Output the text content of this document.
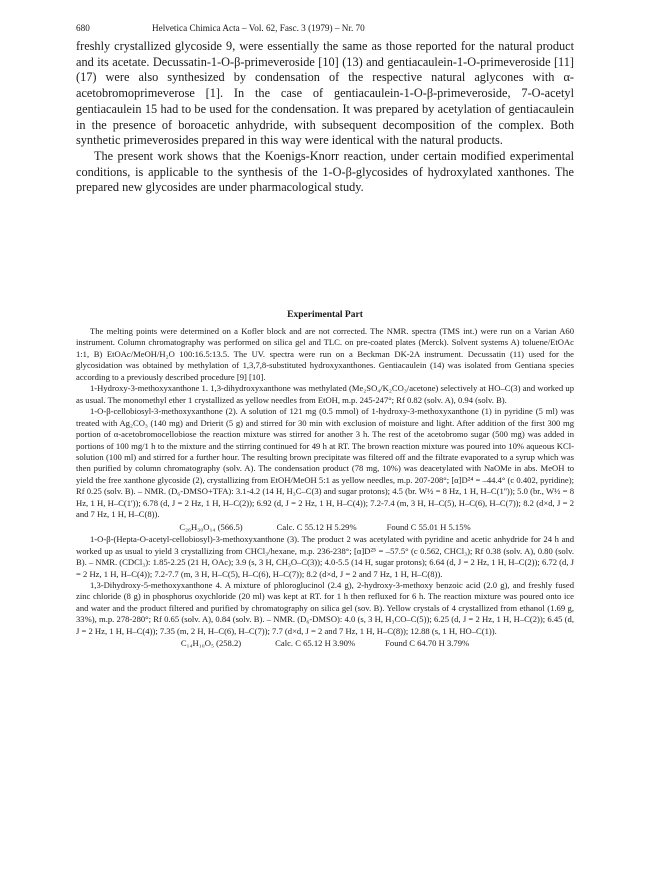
680	Helvetica Chimica Acta – Vol. 62, Fasc. 3 (1979) – Nr. 70

freshly crystallized glycoside 9, were essentially the same as those reported for the natural product and its acetate. Decussatin-1-O-β-primeveroside [10] (13) and gentiacaulein-1-O-primeveroside [11] (17) were also synthesized by condensation of the respective natural aglycones with α-acetobromoprimeverose [1]. In the case of gentiacaulein-1-O-β-primeveroside, 7-O-acetyl gentiacaulein 15 had to be used for the condensation. It was prepared by acetylation of gentiacaulein in the presence of boroacetic anhydride, with subsequent decomposition of the complex. Both synthetic primeverosides prepared in this way were identical with the natural products.

The present work shows that the Koenigs-Knorr reaction, under certain modified experimental conditions, is applicable to the synthesis of the 1-O-β-glycosides of hydroxylated xanthones. The prepared new glycosides are under pharmacological study.

Experimental Part

The melting points were determined on a Kofler block and are not corrected. The NMR. spectra (TMS int.) were run on a Varian A60 instrument. Column chromatography was performed on silica gel and TLC. on pre-coated plates (Merck). Solvent systems A) toluene/EtOAc 1:1, B) EtOAc/MeOH/H₂O 100:16.5:13.5. The UV. spectra were run on a Beckman DK-2A instrument. Decussatin (11) used for the glycosidation was obtained by methylation of 1,3,7,8-substituted hydroxyxanthones. Gentiacaulein (14) was isolated from Gentiana species according to a previously described procedure [9] [10].

1-Hydroxy-3-methoxyxanthone 1. 1,3-dihydroxyxanthone was methylated (Me₂SO₄/K₂CO₃/acetone) selectively at HO–C(3) and worked up as usual. The monomethyl ether 1 crystallized as yellow needles from EtOH, m.p. 245-247°; Rf 0.82 (solv. A), 0.94 (solv. B).

1-O-β-cellobiosyl-3-methoxyxanthone (2). A solution of 121 mg (0.5 mmol) of 1-hydroxy-3-methoxyxanthone (1) in pyridine (5 ml) was treated with Ag₂CO₃ (140 mg) and Drierit (5 g) and stirred for 30 min with exclusion of moisture and light. After addition of the first 300 mg portion of α-acetobromocellobiose the reaction mixture was stirred for another 3 h. The rest of the acetobromo sugar (500 mg) was added in portions of 100 mg/1 h to the mixture and the stirring continued for 49 h at RT. The brown reaction mixture was poured into 10% aqueous KCl-solution (100 ml) and stirred for a further hour. The resulting brown precipitate was filtered off and the filtrate evaporated to a syrup which was then purified by column chromatography (solv. A). The condensation product (78 mg, 10%) was deacetylated with NaOMe in abs. MeOH to yield the free xanthone glycoside (2), crystallizing from EtOH/MeOH 5:1 as yellow needles, m.p. 207-208°; [α]D²⁴ = –44.4° (c 0.402, pyridine); Rf 0.25 (solv. B). – NMR. (D₆-DMSO+TFA): 3.1-4.2 (14 H, H₃C–C(3) and sugar protons); 4.5 (br. W½ = 8 Hz, 1 H, H–C(1'')); 5.0 (br., W½ = 8 Hz, 1 H, H–C(1')); 6.78 (d, J = 2 Hz, 1 H, H–C(2)); 6.92 (d, J = 2 Hz, 1 H, H–C(4)); 7.2-7.4 (m, 3 H, H–C(5), H–C(6), H–C(7)); 8.2 (d×d, J = 2 and 7 Hz, 1 H, H–C(8)).

C₂₆H₃₀O₁₄ (566.5)	Calc. C 55.12 H 5.29%	Found C 55.01 H 5.15%

1-O-β-(Hepta-O-acetyl-cellobiosyl)-3-methoxyxanthone (3). The product 2 was acetylated with pyridine and acetic anhydride for 24 h and worked up as usual to yield 3 crystallizing from CHCl₃/hexane, m.p. 236-238°; [α]D²⁵ = –57.5° (c 0.562, CHCl₃); Rf 0.38 (solv. A), 0.80 (solv. B). – NMR. (CDCl₃): 1.85-2.25 (21 H, OAc); 3.9 (s, 3 H, CH₃O–C(3)); 4.0-5.5 (14 H, sugar protons); 6.64 (d, J = 2 Hz, 1 H, H–C(2)); 6.72 (d, J = 2 Hz, 1 H, H–C(4)); 7.2-7.7 (m, 3 H, H–C(5), H–C(6), H–C(7)); 8.2 (d×d, J = 2 and 7 Hz, 1 H, H–C(8)).

1,3-Dihydroxy-5-methoxyxanthone 4. A mixture of phloroglucinol (2.4 g), 2-hydroxy-3-methoxy benzoic acid (2.0 g), and freshly fused zinc chloride (8 g) in phosphorus oxychloride (20 ml) was kept at RT. for 1 h then refluxed for 6 h. The reaction mixture was poured onto ice and water and the product filtered and purified by chromatography on silica gel (sov. B). Yellow crystals of 4 crystallized from ethanol (1.69 g, 33%), m.p. 278-280°; Rf 0.65 (solv. A), 0.84 (solv. B). – NMR. (D₆-DMSO): 4.0 (s, 3 H, H₃CO–C(5)); 6.25 (d, J = 2 Hz, 1 H, H–C(2)); 6.45 (d, J = 2 Hz, 1 H, H–C(4)); 7.35 (m, 2 H, H–C(6), H–C(7)); 7.7 (d×d, J = 2 and 7 Hz, 1 H, H–C(8)); 12.88 (s, 1 H, HO–C(1)).

C₁₄H₁₀O₅ (258.2)	Calc. C 65.12 H 3.90%	Found C 64.70 H 3.79%
